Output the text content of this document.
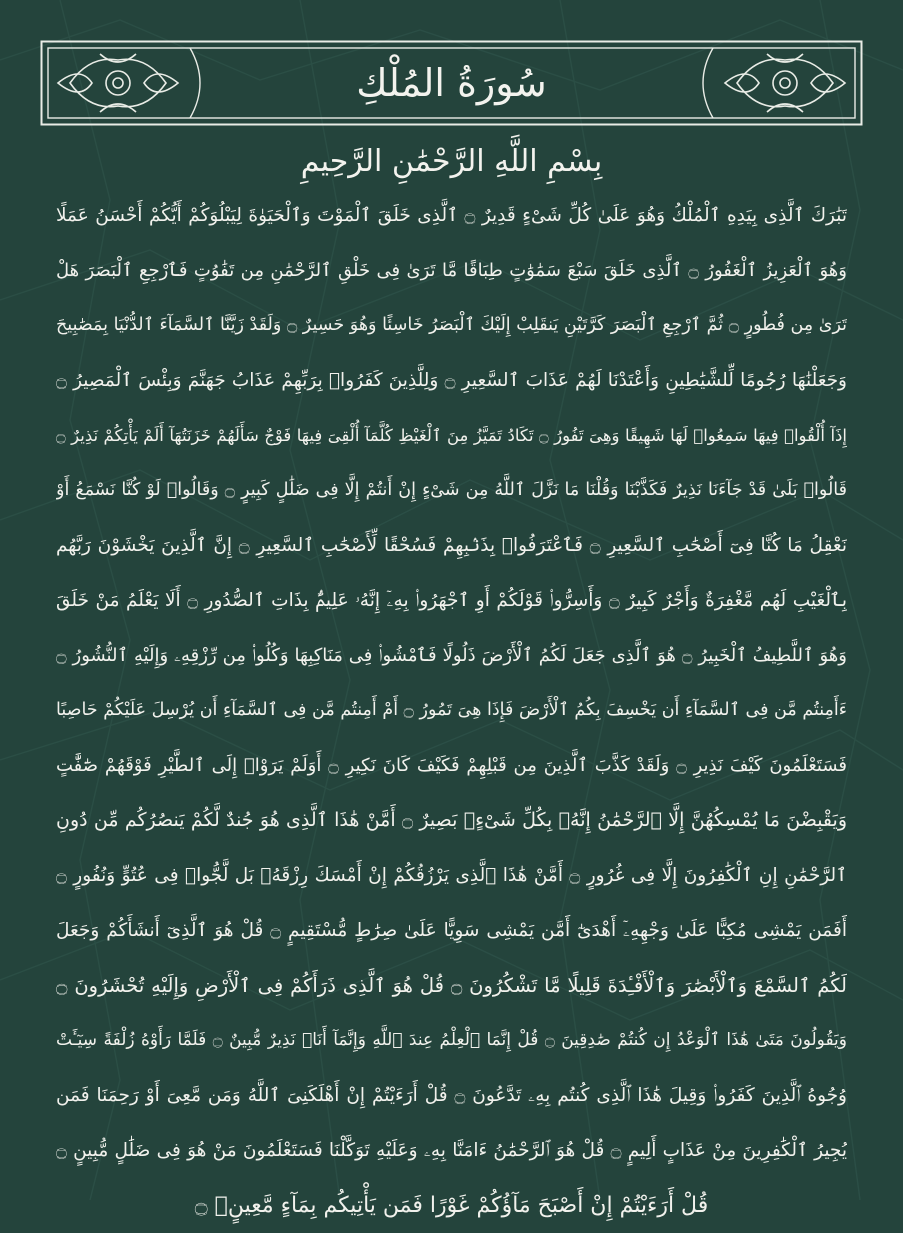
سُورَةُ المُلْكِ
بِسْمِ اللَّهِ الرَّحْمَٰنِ الرَّحِيمِ
تَبَٰرَكَ ٱلَّذِى بِيَدِهِ ٱلْمُلْكُ وَهُوَ عَلَىٰ كُلِّ شَىْءٍ قَدِيرٌ ۝ ٱلَّذِى خَلَقَ ٱلْمَوْتَ وَٱلْحَيَوٰةَ لِيَبْلُوَكُمْ أَيُّكُمْ أَحْسَنُ عَمَلًا
وَهُوَ ٱلْعَزِيزُ ٱلْغَفُورُ ۝ ٱلَّذِى خَلَقَ سَبْعَ سَمَٰوَٰتٍ طِبَاقًا مَّا تَرَىٰ فِى خَلْقِ ٱلرَّحْمَٰنِ مِن تَفَٰوُتٍ فَٱرْجِعِ ٱلْبَصَرَ هَلْ
تَرَىٰ مِن فُطُورٍ ۝ ثُمَّ ٱرْجِعِ ٱلْبَصَرَ كَرَّتَيْنِ يَنقَلِبْ إِلَيْكَ ٱلْبَصَرُ خَاسِئًا وَهُوَ حَسِيرٌ ۝ وَلَقَدْ زَيَّنَّا ٱلسَّمَآءَ ٱلدُّنْيَا بِمَصَٰبِيحَ
وَجَعَلْنَٰهَا رُجُومًا لِّلشَّيَٰطِينِ وَأَعْتَدْنَا لَهُمْ عَذَابَ ٱلسَّعِيرِ ۝ وَلِلَّذِينَ كَفَرُوا۟ بِرَبِّهِمْ عَذَابُ جَهَنَّمَ وَبِئْسَ ٱلْمَصِيرُ ۝
إِذَآ أُلْقُوا۟ فِيهَا سَمِعُوا۟ لَهَا شَهِيقًا وَهِىَ تَفُورُ ۝ تَكَادُ تَمَيَّزُ مِنَ ٱلْغَيْظِ كُلَّمَآ أُلْقِىَ فِيهَا فَوْجٌ سَأَلَهُمْ خَزَنَتُهَآ أَلَمْ يَأْتِكُمْ نَذِيرٌ ۝
قَالُوا۟ بَلَىٰ قَدْ جَآءَنَا نَذِيرٌ فَكَذَّبْنَا وَقُلْنَا مَا نَزَّلَ ٱللَّهُ مِن شَىْءٍ إِنْ أَنتُمْ إِلَّا فِى ضَلَٰلٍ كَبِيرٍ ۝ وَقَالُوا۟ لَوْ كُنَّا نَسْمَعُ أَوْ
نَعْقِلُ مَا كُنَّا فِىٓ أَصْحَٰبِ ٱلسَّعِيرِ ۝ فَٱعْتَرَفُوا۟ بِذَنۢبِهِمْ فَسُحْقًا لِّأَصْحَٰبِ ٱلسَّعِيرِ ۝ إِنَّ ٱلَّذِينَ يَخْشَوْنَ رَبَّهُم
بِٱلْغَيْبِ لَهُم مَّغْفِرَةٌ وَأَجْرٌ كَبِيرٌ ۝ وَأَسِرُّوا۟ قَوْلَكُمْ أَوِ ٱجْهَرُوا۟ بِهِۦٓ إِنَّهُۥ عَلِيمٌۢ بِذَاتِ ٱلصُّدُورِ ۝ أَلَا يَعْلَمُ مَنْ خَلَقَ
وَهُوَ ٱللَّطِيفُ ٱلْخَبِيرُ ۝ هُوَ ٱلَّذِى جَعَلَ لَكُمُ ٱلْأَرْضَ ذَلُولًا فَٱمْشُوا۟ فِى مَنَاكِبِهَا وَكُلُوا۟ مِن رِّزْقِهِۦ وَإِلَيْهِ ٱلنُّشُورُ ۝
ءَأَمِنتُم مَّن فِى ٱلسَّمَآءِ أَن يَخْسِفَ بِكُمُ ٱلْأَرْضَ فَإِذَا هِىَ تَمُورُ ۝ أَمْ أَمِنتُم مَّن فِى ٱلسَّمَآءِ أَن يُرْسِلَ عَلَيْكُمْ حَاصِبًا
فَسَتَعْلَمُونَ كَيْفَ نَذِيرِ ۝ وَلَقَدْ كَذَّبَ ٱلَّذِينَ مِن قَبْلِهِمْ فَكَيْفَ كَانَ نَكِيرِ ۝ أَوَلَمْ يَرَوْا۟ إِلَى ٱلطَّيْرِ فَوْقَهُمْ صَٰٓفَّٰتٍ
وَيَقْبِضْنَ مَا يُمْسِكُهُنَّ إِلَّا ٱلرَّحْمَٰنُ إِنَّهُۥ بِكُلِّ شَىْءٍۭ بَصِيرٌ ۝ أَمَّنْ هَٰذَا ٱلَّذِى هُوَ جُندٌ لَّكُمْ يَنصُرُكُم مِّن دُونِ
ٱلرَّحْمَٰنِ إِنِ ٱلْكَٰفِرُونَ إِلَّا فِى غُرُورٍ ۝ أَمَّنْ هَٰذَا ٱلَّذِى يَرْزُقُكُمْ إِنْ أَمْسَكَ رِزْقَهُۥ بَل لَّجُّوا۟ فِى عُتُوٍّ وَنُفُورٍ ۝
أَفَمَن يَمْشِى مُكِبًّا عَلَىٰ وَجْهِهِۦٓ أَهْدَىٰٓ أَمَّن يَمْشِى سَوِيًّا عَلَىٰ صِرَٰطٍ مُّسْتَقِيمٍ ۝ قُلْ هُوَ ٱلَّذِىٓ أَنشَأَكُمْ وَجَعَلَ
لَكُمُ ٱلسَّمْعَ وَٱلْأَبْصَٰرَ وَٱلْأَفْـِٔدَةَ قَلِيلًا مَّا تَشْكُرُونَ ۝ قُلْ هُوَ ٱلَّذِى ذَرَأَكُمْ فِى ٱلْأَرْضِ وَإِلَيْهِ تُحْشَرُونَ ۝
وَيَقُولُونَ مَتَىٰ هَٰذَا ٱلْوَعْدُ إِن كُنتُمْ صَٰدِقِينَ ۝ قُلْ إِنَّمَا ٱلْعِلْمُ عِندَ ٱللَّهِ وَإِنَّمَآ أَنَا۠ نَذِيرٌ مُّبِينٌ ۝ فَلَمَّا رَأَوْهُ زُلْفَةً سِيٓـَٔتْ
وُجُوهُ ٱلَّذِينَ كَفَرُوا۟ وَقِيلَ هَٰذَا ٱلَّذِى كُنتُم بِهِۦ تَدَّعُونَ ۝ قُلْ أَرَءَيْتُمْ إِنْ أَهْلَكَنِىَ ٱللَّهُ وَمَن مَّعِىَ أَوْ رَحِمَنَا فَمَن
يُجِيرُ ٱلْكَٰفِرِينَ مِنْ عَذَابٍ أَلِيمٍ ۝ قُلْ هُوَ ٱلرَّحْمَٰنُ ءَامَنَّا بِهِۦ وَعَلَيْهِ تَوَكَّلْنَا فَسَتَعْلَمُونَ مَنْ هُوَ فِى ضَلَٰلٍ مُّبِينٍ ۝
قُلْ أَرَءَيْتُمْ إِنْ أَصْبَحَ مَآؤُكُمْ غَوْرًا فَمَن يَأْتِيكُم بِمَآءٍ مَّعِينٍۭ ۝
